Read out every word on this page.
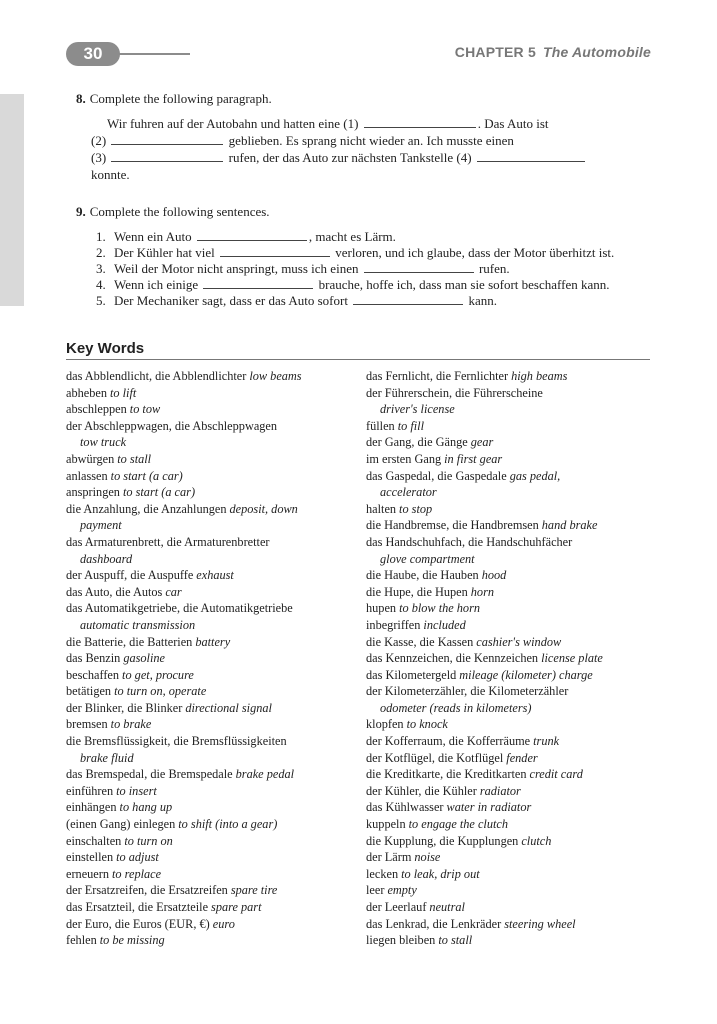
30	CHAPTER 5 The Automobile
8. Complete the following paragraph.
Wir fuhren auf der Autobahn und hatten eine (1)	. Das Auto ist
(2)	geblieben. Es sprang nicht wieder an. Ich musste einen
(3)	rufen, der das Auto zur nächsten Tankstelle (4)
konnte.
9. Complete the following sentences.
1. Wenn ein Auto	, macht es Lärm.
2. Der Kühler hat viel	verloren, und ich glaube, dass der Motor überhitzt ist.
3. Weil der Motor nicht anspringt, muss ich einen	rufen.
4. Wenn ich einige	brauche, hoffe ich, dass man sie sofort beschaffen kann.
5. Der Mechaniker sagt, dass er das Auto sofort	kann.
Key Words
das Abblendlicht, die Abblendlichter low beams
abheben to lift
abschleppen to tow
der Abschleppwagen, die Abschleppwagen
tow truck
abwürgen to stall
anlassen to start (a car)
anspringen to start (a car)
die Anzahlung, die Anzahlungen deposit, down
payment
das Armaturenbrett, die Armaturenbretter
dashboard
der Auspuff, die Auspuffe exhaust
das Auto, die Autos car
das Automatikgetriebe, die Automatikgetriebe
automatic transmission
die Batterie, die Batterien battery
das Benzin gasoline
beschaffen to get, procure
betätigen to turn on, operate
der Blinker, die Blinker directional signal
bremsen to brake
die Bremsflüssigkeit, die Bremsflüssigkeiten
brake fluid
das Bremspedal, die Bremspedale brake pedal
einführen to insert
einhängen to hang up
(einen Gang) einlegen to shift (into a gear)
einschalten to turn on
einstellen to adjust
erneuern to replace
der Ersatzreifen, die Ersatzreifen spare tire
das Ersatzteil, die Ersatzteile spare part
der Euro, die Euros (EUR, €) euro
fehlen to be missing
das Fernlicht, die Fernlichter high beams
der Führerschein, die Führerscheine
driver's license
füllen to fill
der Gang, die Gänge gear
im ersten Gang in first gear
das Gaspedal, die Gaspedale gas pedal,
accelerator
halten to stop
die Handbremse, die Handbremsen hand brake
das Handschuhfach, die Handschuhfächer
glove compartment
die Haube, die Hauben hood
die Hupe, die Hupen horn
hupen to blow the horn
inbegriffen included
die Kasse, die Kassen cashier's window
das Kennzeichen, die Kennzeichen license plate
das Kilometergeld mileage (kilometer) charge
der Kilometerzähler, die Kilometerzähler
odometer (reads in kilometers)
klopfen to knock
der Kofferraum, die Kofferräume trunk
der Kotflügel, die Kotflügel fender
die Kreditkarte, die Kreditkarten credit card
der Kühler, die Kühler radiator
das Kühlwasser water in radiator
kuppeln to engage the clutch
die Kupplung, die Kupplungen clutch
der Lärm noise
lecken to leak, drip out
leer empty
der Leerlauf neutral
das Lenkrad, die Lenkräder steering wheel
liegen bleiben to stall
